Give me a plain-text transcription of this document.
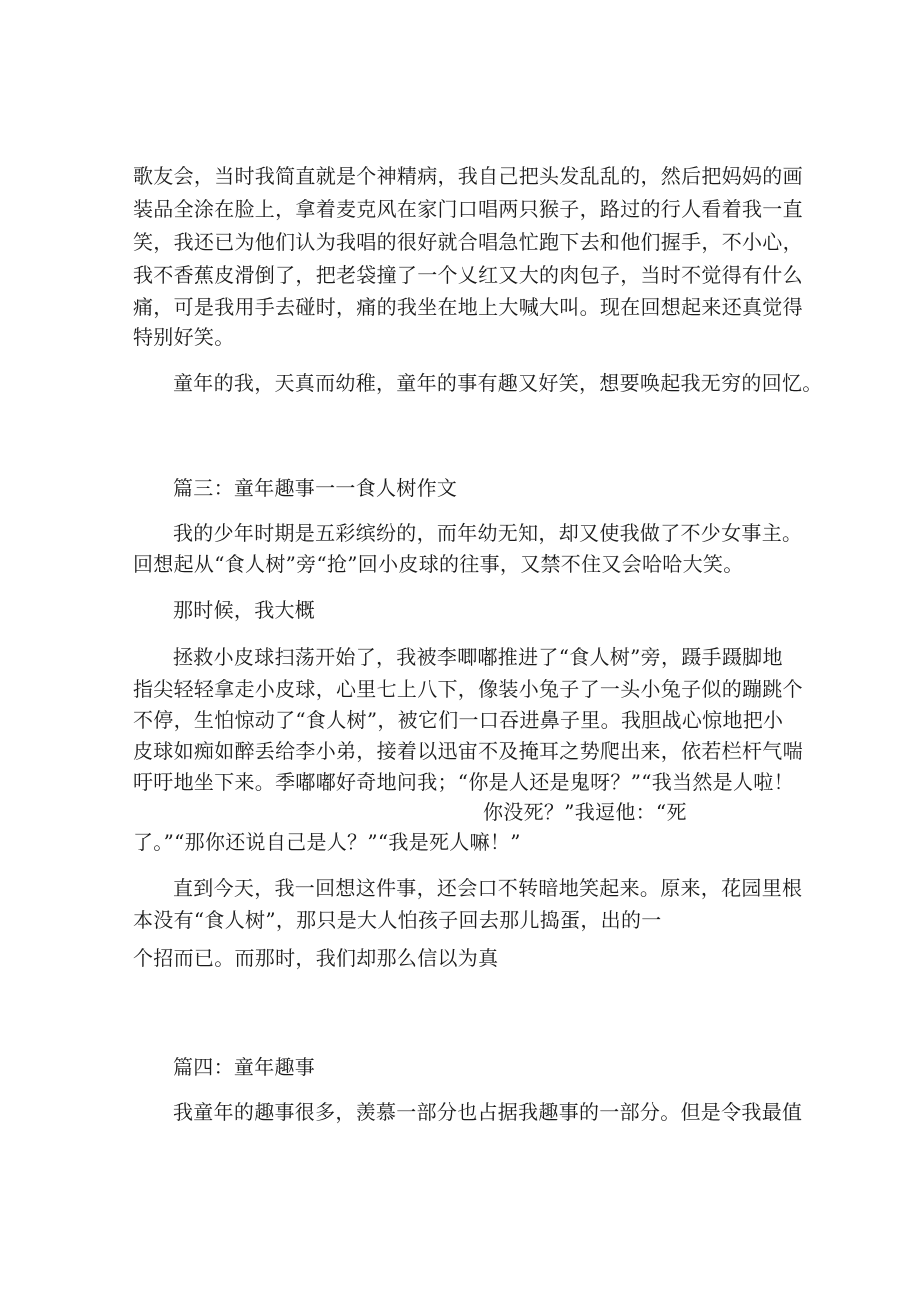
歌友会，当时我简直就是个神精病，我自己把头发乱乱的，然后把妈妈的画
装品全涂在脸上，拿着麦克风在家门口唱两只猴子，路过的行人看着我一直
笑，我还已为他们认为我唱的很好就合唱急忙跑下去和他们握手，不小心，
我不香蕉皮滑倒了，把老袋撞了一个乂红又大的肉包子，当时不觉得有什么
痛，可是我用手去碰时，痛的我坐在地上大喊大叫。现在回想起来还真觉得
特别好笑。
童年的我，天真而幼稚，童年的事有趣又好笑，想要唤起我无穷的回忆。
篇三：童年趣事一一食人树作文
我的少年时期是五彩缤纷的，而年幼无知，却又使我做了不少女事主。
回想起从“食人树”旁“抢”回小皮球的往事，又禁不住又会哈哈大笑。
那时候，我大概
拯救小皮球扫荡开始了，我被李唧嘟推进了“食人树”旁，蹑手蹑脚地
指尖轻轻拿走小皮球，心里七上八下，像装小兔子了一头小兔子似的蹦跳个
不停，生怕惊动了“食人树”，被它们一口吞进鼻子里。我胆战心惊地把小
皮球如痴如醉丢给李小弟，接着以迅宙不及掩耳之势爬出来，依若栏杆气喘
吁吁地坐下来。季嘟嘟好奇地问我；“你是人还是鬼呀？”“我当然是人啦！
你没死？”我逗他：“死
了。”“那你还说自己是人？”“我是死人嘛！”
直到今天，我一回想这件事，还会口不转暗地笑起来。原来，花园里根
本没有“食人树”，那只是大人怕孩子回去那儿捣蛋，出的一
个招而已。而那时，我们却那么信以为真
篇四：童年趣事
我童年的趣事很多，羡慕一部分也占据我趣事的一部分。但是令我最值
